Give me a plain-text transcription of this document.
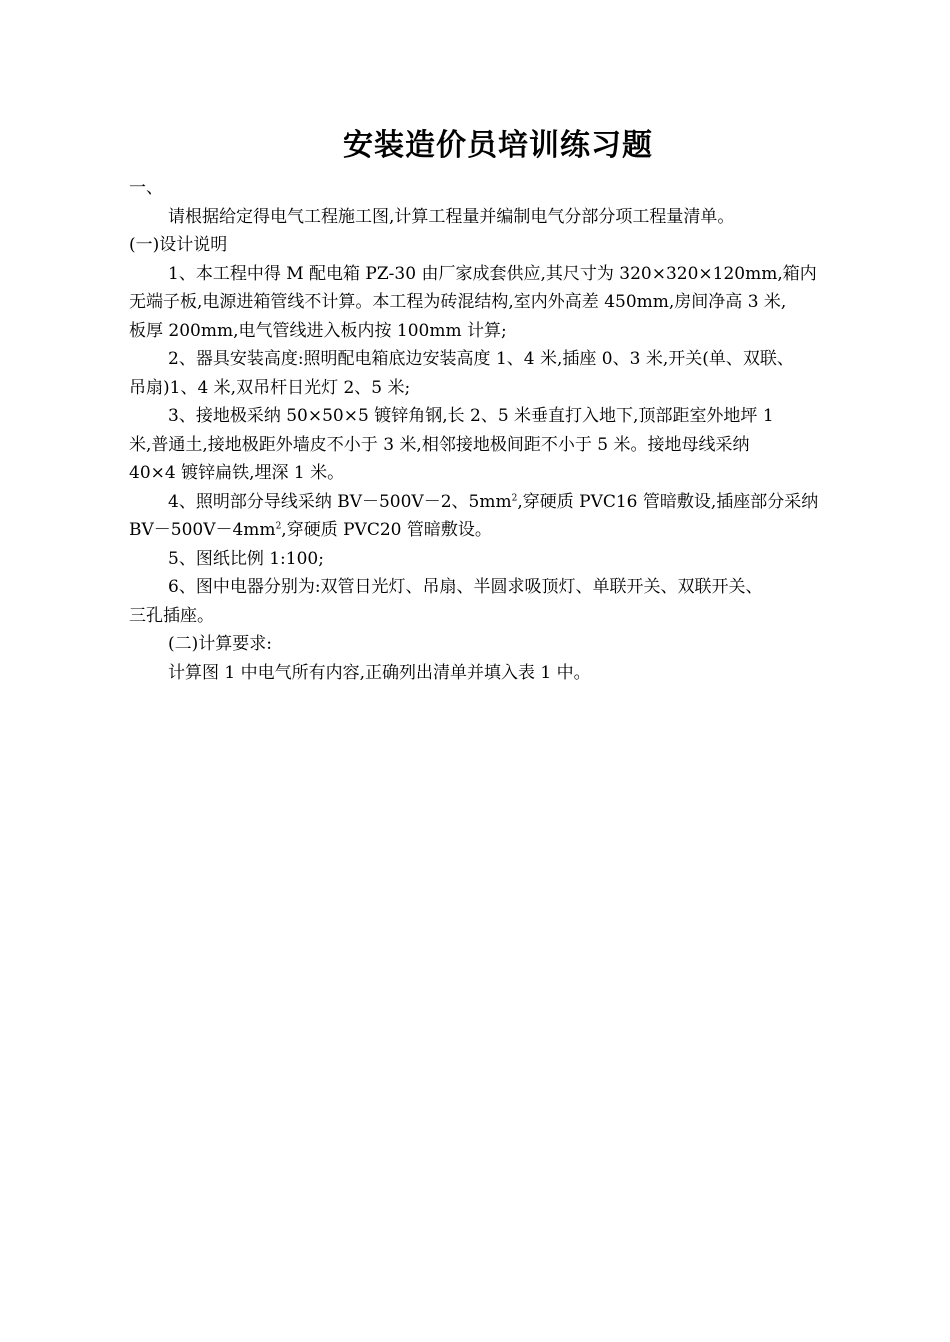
安装造价员培训练习题

一、

请根据给定得电气工程施工图,计算工程量并编制电气分部分项工程量清单。

(一)设计说明

1、本工程中得 M 配电箱 PZ-30 由厂家成套供应,其尺寸为 320×320×120mm,箱内
无端子板,电源进箱管线不计算。本工程为砖混结构,室内外高差 450mm,房间净高 3 米,
板厚 200mm,电气管线进入板内按 100mm 计算;
2、器具安装高度:照明配电箱底边安装高度 1、4 米,插座 0、3 米,开关(单、双联、
吊扇)1、4 米,双吊杆日光灯 2、5 米;
3、接地极采纳 50×50×5 镀锌角钢,长 2、5 米垂直打入地下,顶部距室外地坪 1
米,普通土,接地极距外墙皮不小于 3 米,相邻接地极间距不小于 5 米。接地母线采纳
40×4 镀锌扁铁,埋深 1 米。
4、照明部分导线采纳 BV－500V－2、$5mm^2$,穿硬质 PVC16 管暗敷设,插座部分采纳
$BV-500V-4mm^2$,穿硬质 PVC20 管暗敷设。

5、图纸比例 1:100;

6、图中电器分别为:双管日光灯、吊扇、半圆求吸顶灯、单联开关、双联开关、
三孔插座。

(二)计算要求:

计算图 1 中电气所有内容,正确列出清单并填入表 1 中。
